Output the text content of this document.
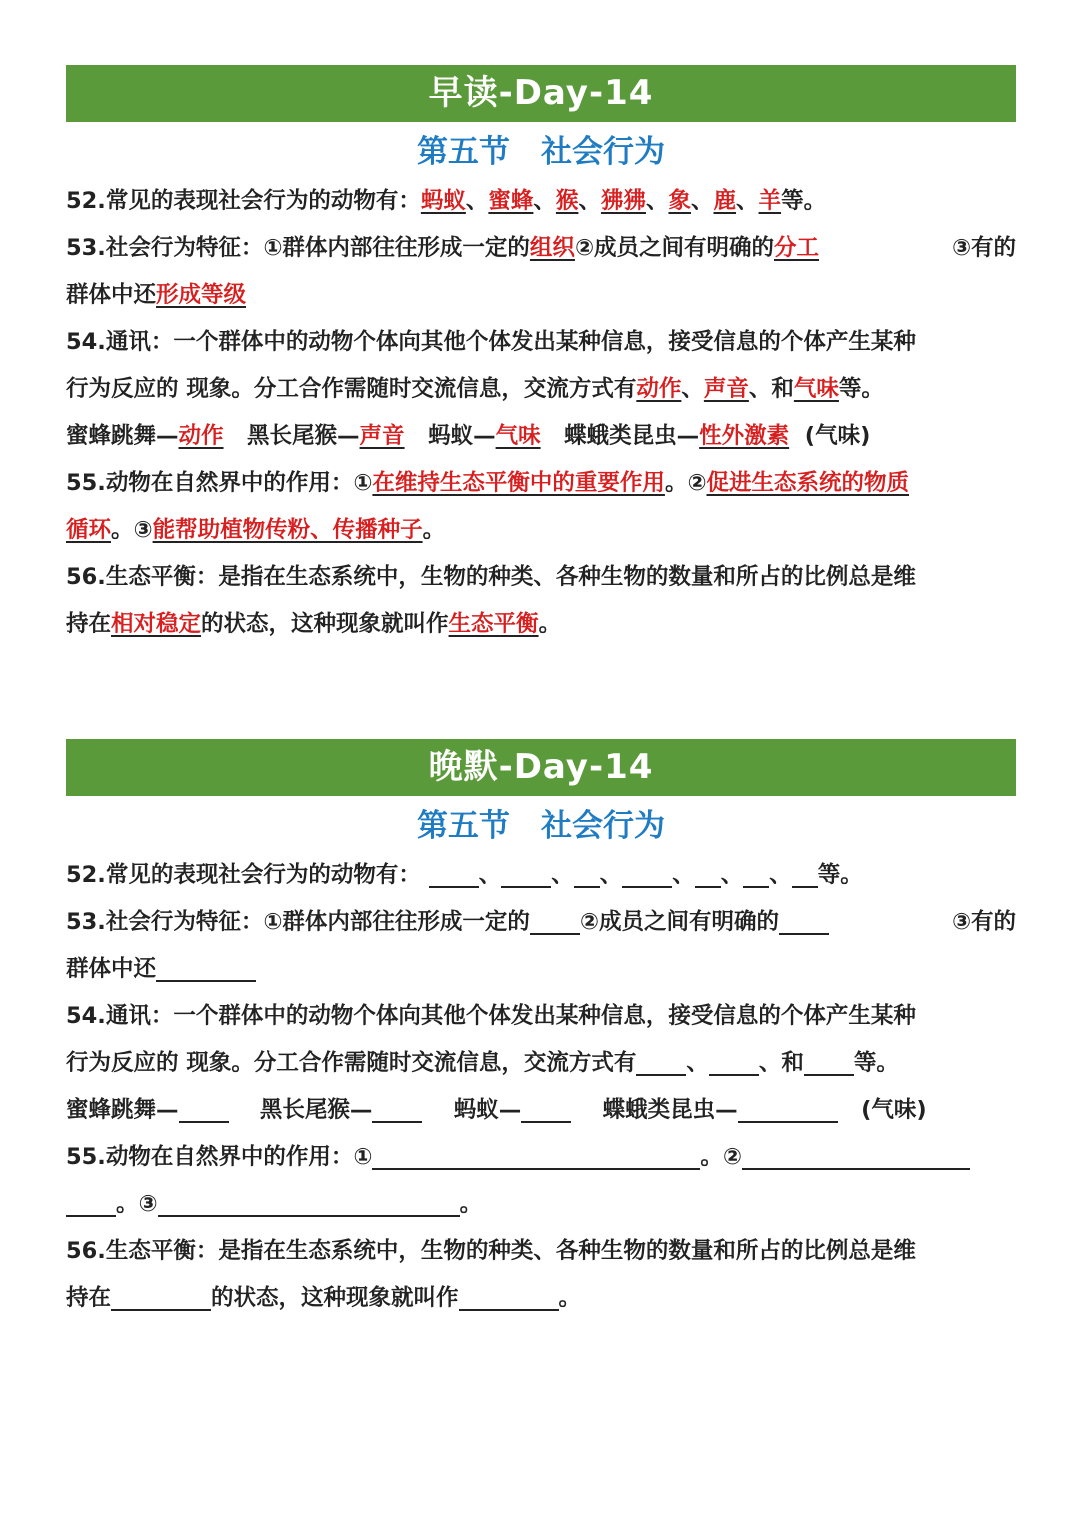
早读-Day-14
第五节　社会行为
52.常见的表现社会行为的动物有：蚂蚁、蜜蜂、猴、狒狒、象、鹿、羊等。
53.社会行为特征：①群体内部往往形成一定的组织②成员之间有明确的分工	③有的
群体中还形成等级
54.通讯：一个群体中的动物个体向其他个体发出某种信息，接受信息的个体产生某种
行为反应的 现象。分工合作需随时交流信息，交流方式有动作、声音、和气味等。
蜜蜂跳舞—动作 黑长尾猴—声音 蚂蚁—气味 蝶蛾类昆虫—性外激素 (气味)
55.动物在自然界中的作用：①在维持生态平衡中的重要作用。②促进生态系统的物质
循环。③能帮助植物传粉、传播种子。
56.生态平衡：是指在生态系统中，生物的种类、各种生物的数量和所占的比例总是维
持在相对稳定的状态，这种现象就叫作生态平衡。
晚默-Day-14
第五节　社会行为
52.常见的表现社会行为的动物有：	、 、 、 、 、 、 等。
53.社会行为特征：①群体内部往往形成一定的 ②成员之间有明确的	③有的
群体中还
54.通讯：一个群体中的动物个体向其他个体发出某种信息，接受信息的个体产生某种
行为反应的 现象。分工合作需随时交流信息，交流方式有 、 、和 等。
蜜蜂跳舞—	黑长尾猴—	蚂蚁—	蝶蛾类昆虫—	(气味)
55.动物在自然界中的作用：①	。②
。③	。
56.生态平衡：是指在生态系统中，生物的种类、各种生物的数量和所占的比例总是维
持在	的状态，这种现象就叫作	。
